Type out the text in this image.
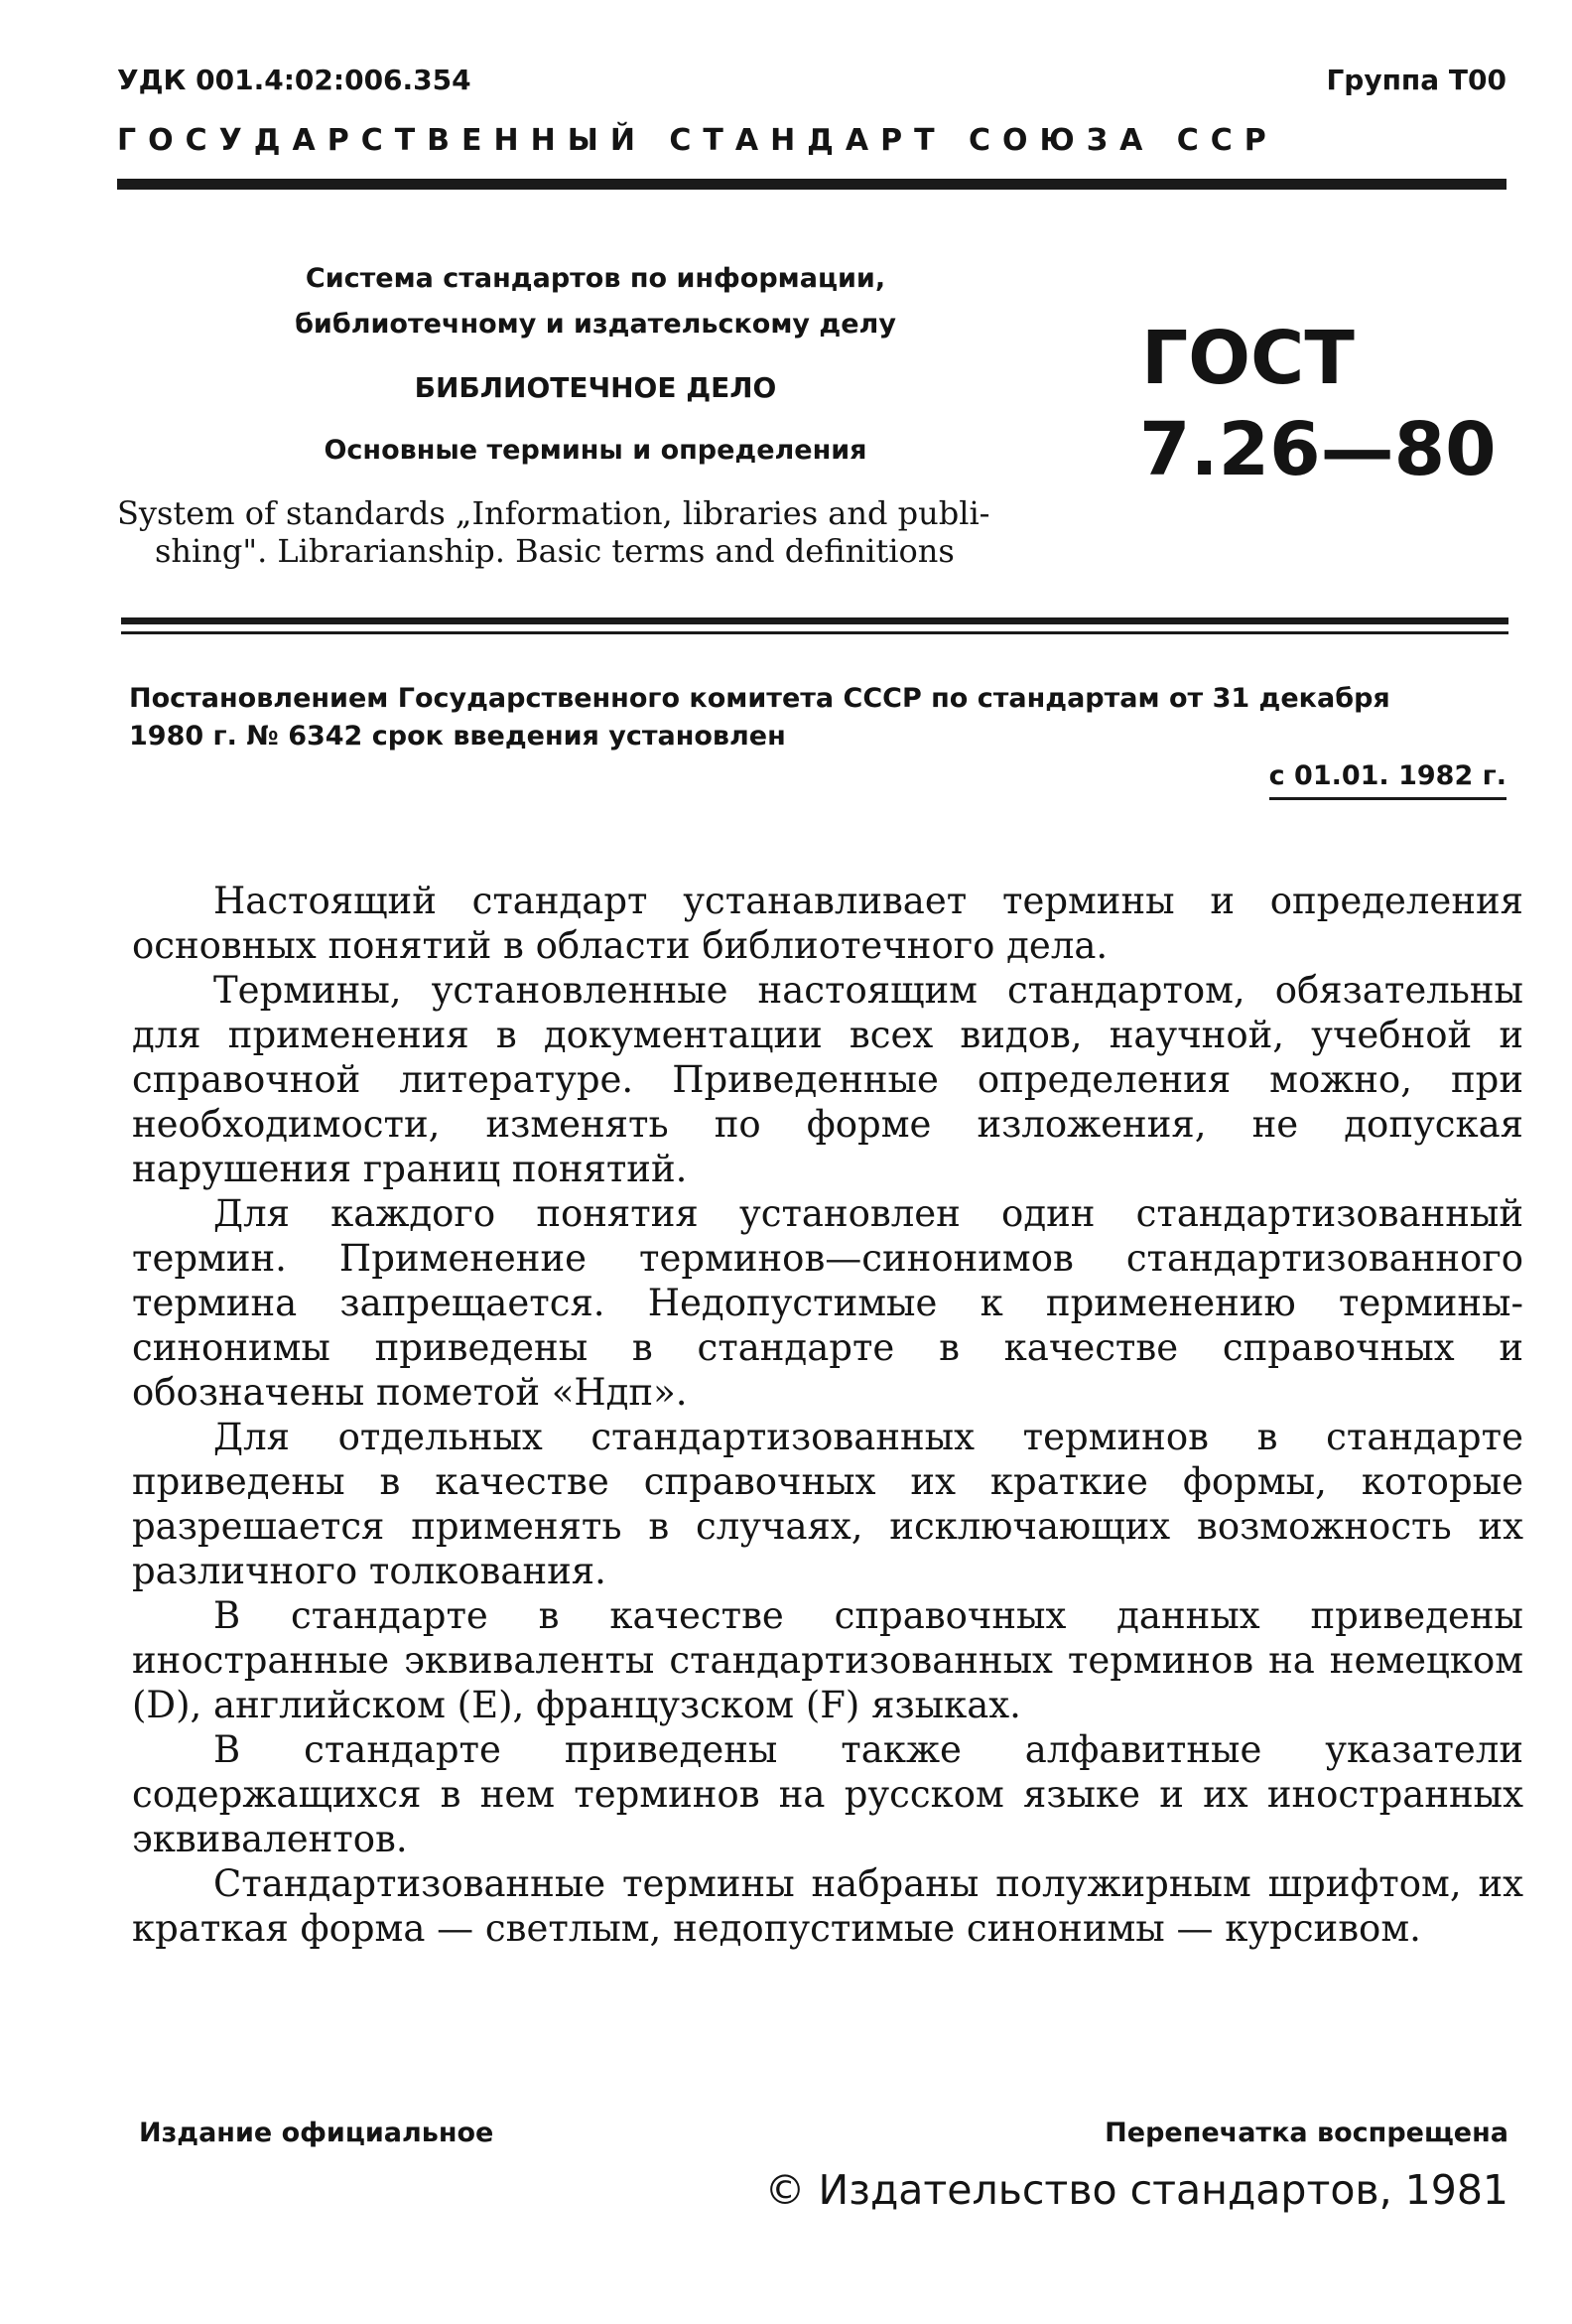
УДК 001.4:02:006.354	Группа Т00
ГОСУДАРСТВЕННЫЙ СТАНДАРТ СОЮЗА ССР
Система стандартов по информации,
библиотечному и издательскому делу
БИБЛИОТЕЧНОЕ ДЕЛО
Основные термины и определения
System of standards „Information, libraries and publi-
shing". Librarianship. Basic terms and definitions
ГОСТ
7.26—80
Постановлением Государственного комитета СССР по стандартам от 31 декабря
1980 г. № 6342 срок введения установлен
с 01.01. 1982 г.

Настоящий стандарт устанавливает термины и определения основных понятий в области библиотечного дела.

Термины, установленные настоящим стандартом, обязательны для применения в документации всех видов, научной, учебной и справочной литературе. Приведенные определения можно, при необходимости, изменять по форме изложения, не допуская нарушения границ понятий.

Для каждого понятия установлен один стандартизованный термин. Применение терминов—синонимов стандартизованного термина запрещается. Недопустимые к применению термины-синонимы приведены в стандарте в качестве справочных и обозначены пометой «Ндп».

Для отдельных стандартизованных терминов в стандарте приведены в качестве справочных их краткие формы, которые разрешается применять в случаях, исключающих возможность их различного толкования.

В стандарте в качестве справочных данных приведены иностранные эквиваленты стандартизованных терминов на немецком (D), английском (E), французском (F) языках.

В стандарте приведены также алфавитные указатели содержащихся в нем терминов на русском языке и их иностранных эквивалентов.

Стандартизованные термины набраны полужирным шрифтом, их краткая форма — светлым, недопустимые синонимы — курсивом.

Издание официальное	Перепечатка воспрещена
© Издательство стандартов, 1981
